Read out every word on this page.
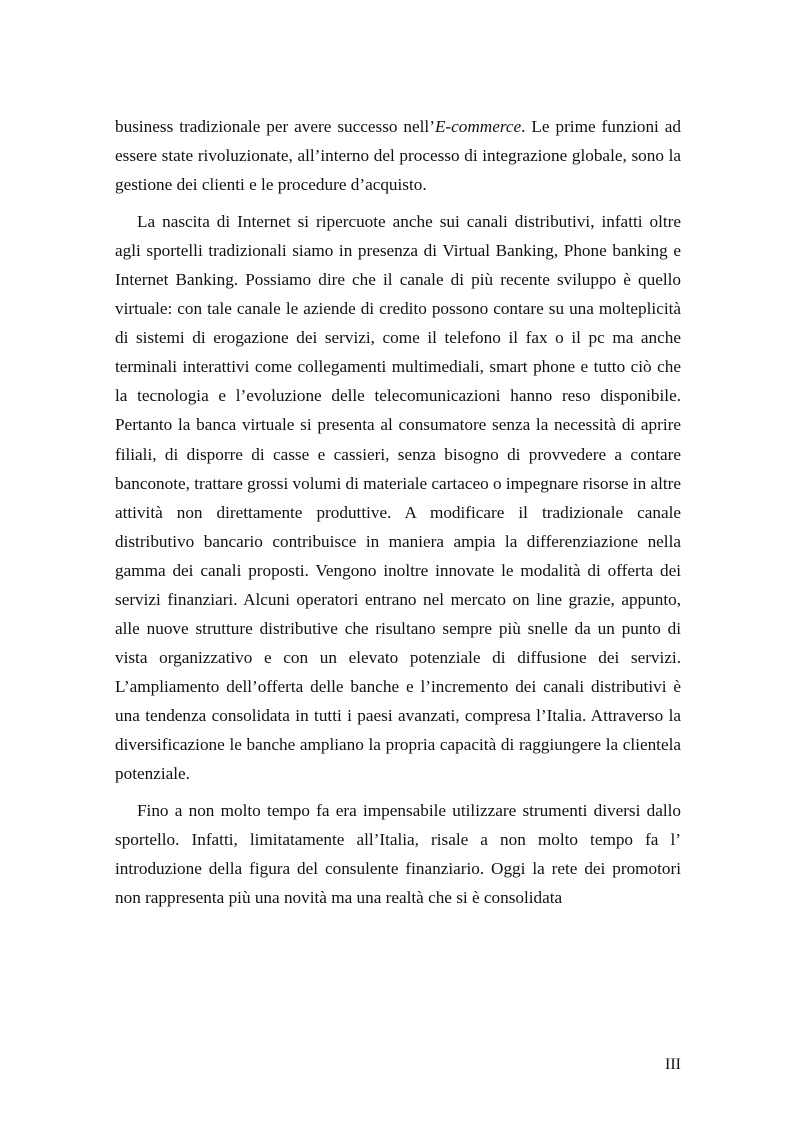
business tradizionale per avere successo nell’E-commerce. Le prime funzioni ad essere state rivoluzionate, all’interno del processo di integrazione globale, sono la gestione dei clienti e le procedure d’acquisto.

La nascita di Internet si ripercuote anche sui canali distributivi, infatti oltre agli sportelli tradizionali siamo in presenza di Virtual Banking, Phone banking e Internet Banking. Possiamo dire che il canale di più recente sviluppo è quello virtuale: con tale canale le aziende di credito possono contare su una molteplicità di sistemi di erogazione dei servizi, come il telefono il fax o il pc ma anche terminali interattivi come collegamenti multimediali, smart phone e tutto ciò che la tecnologia e l’evoluzione delle telecomunicazioni hanno reso disponibile. Pertanto la banca virtuale si presenta al consumatore senza la necessità di aprire filiali, di disporre di casse e cassieri, senza bisogno di provvedere a contare banconote, trattare grossi volumi di materiale cartaceo o impegnare risorse in altre attività non direttamente produttive. A modificare il tradizionale canale distributivo bancario contribuisce in maniera ampia la differenziazione nella gamma dei canali proposti. Vengono inoltre innovate le modalità di offerta dei servizi finanziari. Alcuni operatori entrano nel mercato on line grazie, appunto, alle nuove strutture distributive che risultano sempre più snelle da un punto di vista organizzativo e con un elevato potenziale di diffusione dei servizi. L’ampliamento dell’offerta delle banche e l’incremento dei canali distributivi è una tendenza consolidata in tutti i paesi avanzati, compresa l’Italia. Attraverso la diversificazione le banche ampliano la propria capacità di raggiungere la clientela potenziale.

Fino a non molto tempo fa era impensabile utilizzare strumenti diversi dallo sportello. Infatti, limitatamente all’Italia, risale a non molto tempo fa l’ introduzione della figura del consulente finanziario. Oggi la rete dei promotori non rappresenta più una novità ma una realtà che si è consolidata

III
